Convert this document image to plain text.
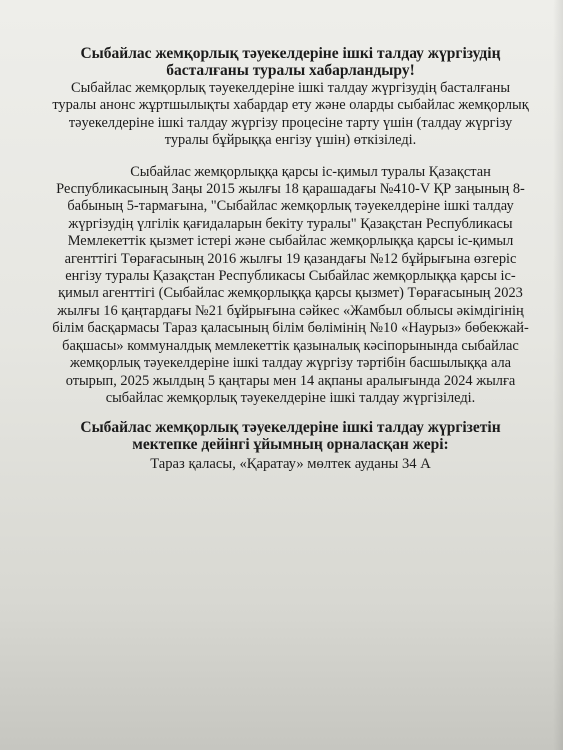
Сыбайлас жемқорлық тәуекелдеріне ішкі талдау жүргізудің басталғаны туралы хабарландыру!

Сыбайлас жемқорлық тәуекелдеріне ішкі талдау жүргізудің басталғаны туралы анонс жұртшылықты хабардар ету және оларды сыбайлас жемқорлық тәуекелдеріне ішкі талдау жүргізу процесіне тарту үшін (талдау жүргізу туралы бұйрыққа енгізу үшін) өткізіледі.

Сыбайлас жемқорлыққа қарсы іс-қимыл туралы Қазақстан Республикасының Заңы 2015 жылғы 18 қарашадағы №410-V ҚР заңының 8-бабының 5-тармағына, "Сыбайлас жемқорлық тәуекелдеріне ішкі талдау жүргізудің үлгілік қағидаларын бекіту туралы" Қазақстан Республикасы Мемлекеттік қызмет істері және сыбайлас жемқорлыққа қарсы іс-қимыл агенттігі Төрағасының 2016 жылғы 19 қазандағы №12 бұйрығына өзгеріс енгізу туралы Қазақстан Республикасы Сыбайлас жемқорлыққа қарсы іс-қимыл агенттігі (Сыбайлас жемқорлыққа қарсы қызмет) Төрағасының 2023 жылғы 16 қаңтардағы №21 бұйрығына сәйкес «Жамбыл облысы әкімдігінің білім басқармасы Тараз қаласының білім бөлімінің №10 «Наурыз» бөбекжай-бақшасы» коммуналдық мемлекеттік қазыналық кәсіпорынында сыбайлас жемқорлық тәуекелдеріне ішкі талдау жүргізу тәртібін басшылыққа ала отырып, 2025 жылдың 5 қаңтары мен 14 ақпаны аралығында 2024 жылға сыбайлас жемқорлық тәуекелдеріне ішкі талдау жүргізіледі.

Сыбайлас жемқорлық тәуекелдеріне ішкі талдау жүргізетін мектепке дейінгі ұйымның орналасқан жері:

Тараз қаласы, «Қаратау» мөлтек ауданы 34 А
